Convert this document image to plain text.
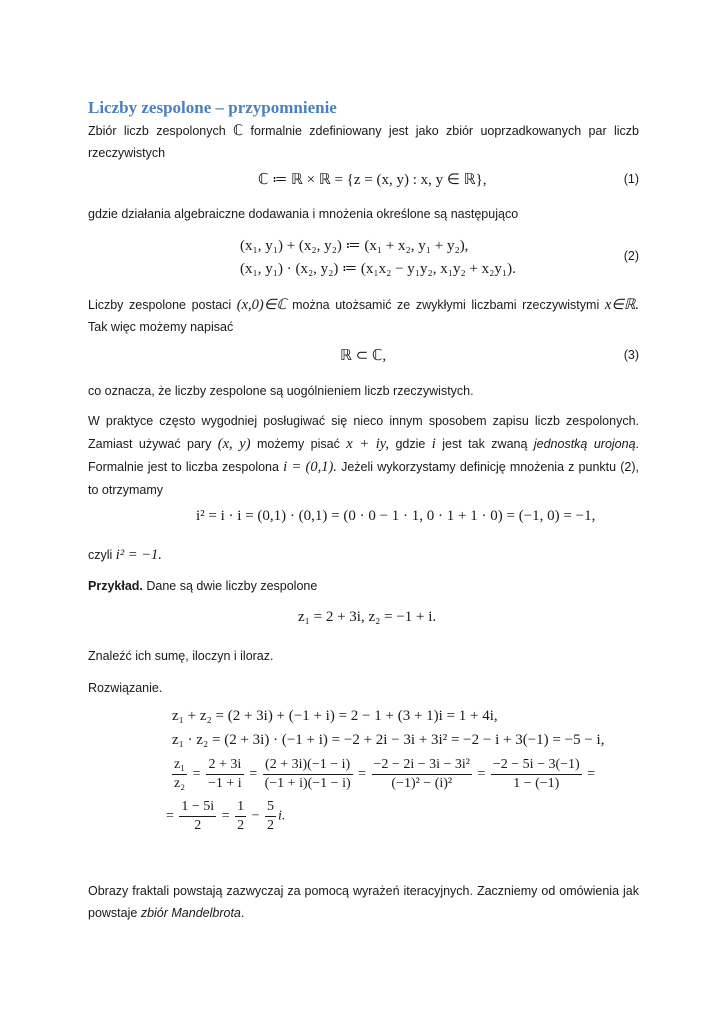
Liczby zespolone – przypomnienie
Zbiór liczb zespolonych ℂ formalnie zdefiniowany jest jako zbiór uoprzadkowanych par liczb rzeczywistych
ℂ ≔ ℝ × ℝ = {z = (x, y) : x, y ∈ ℝ},	(1)
gdzie działania algebraiczne dodawania i mnożenia określone są następująco
(x₁, y₁) + (x₂, y₂) ≔ (x₁ + x₂, y₁ + y₂),
(x₁, y₁) · (x₂, y₂) ≔ (x₁x₂ − y₁y₂, x₁y₂ + x₂y₁).
(2)
Liczby zespolone postaci (x,0)∈ℂ można utożsamić ze zwykłymi liczbami rzeczywistymi x∈ℝ. Tak więc możemy napisać
ℝ ⊂ ℂ,	(3)
co oznacza, że liczby zespolone są uogólnieniem liczb rzeczywistych.
W praktyce często wygodniej posługiwać się nieco innym sposobem zapisu liczb zespolonych. Zamiast używać pary (x, y) możemy pisać x + iy, gdzie i jest tak zwaną jednostką urojoną. Formalnie jest to liczba zespolona i = (0,1). Jeżeli wykorzystamy definicję mnożenia z punktu (2), to otrzymamy
i² = i · i = (0,1) · (0,1) = (0 · 0 − 1 · 1, 0 · 1 + 1 · 0) = (−1, 0) = −1,
czyli i² = −1.
Przykład. Dane są dwie liczby zespolone
z₁ = 2 + 3i, z₂ = −1 + i.
Znaleźć ich sumę, iloczyn i iloraz.
Rozwiązanie.
z₁ + z₂ = (2 + 3i) + (−1 + i) = 2 − 1 + (3 + 1)i = 1 + 4i,
z₁ · z₂ = (2 + 3i) · (−1 + i) = −2 + 2i − 3i + 3i² = −2 − i + 3(−1) = −5 − i,
$\frac{\text{z₁}}{\text{z₂}} = \frac{2 + 3i}{-1 + i} = \frac{(2 + 3i)(-1 - i)}{(-1 + i)(-1 - i)} = \frac{\text{−2 − 2i − 3i − 3i²}}{\text{(−1)² − (i)²}} = \frac{-2 - 5i - 3(-1)}{1 - (-1)}$ =
= $\frac{1 - 5i}{2} = \frac{1}{2} - \frac{5}{2} i$.
Obrazy fraktali powstają zazwyczaj za pomocą wyrażeń iteracyjnych. Zaczniemy od omówienia jak powstaje zbiór Mandelbrota.
